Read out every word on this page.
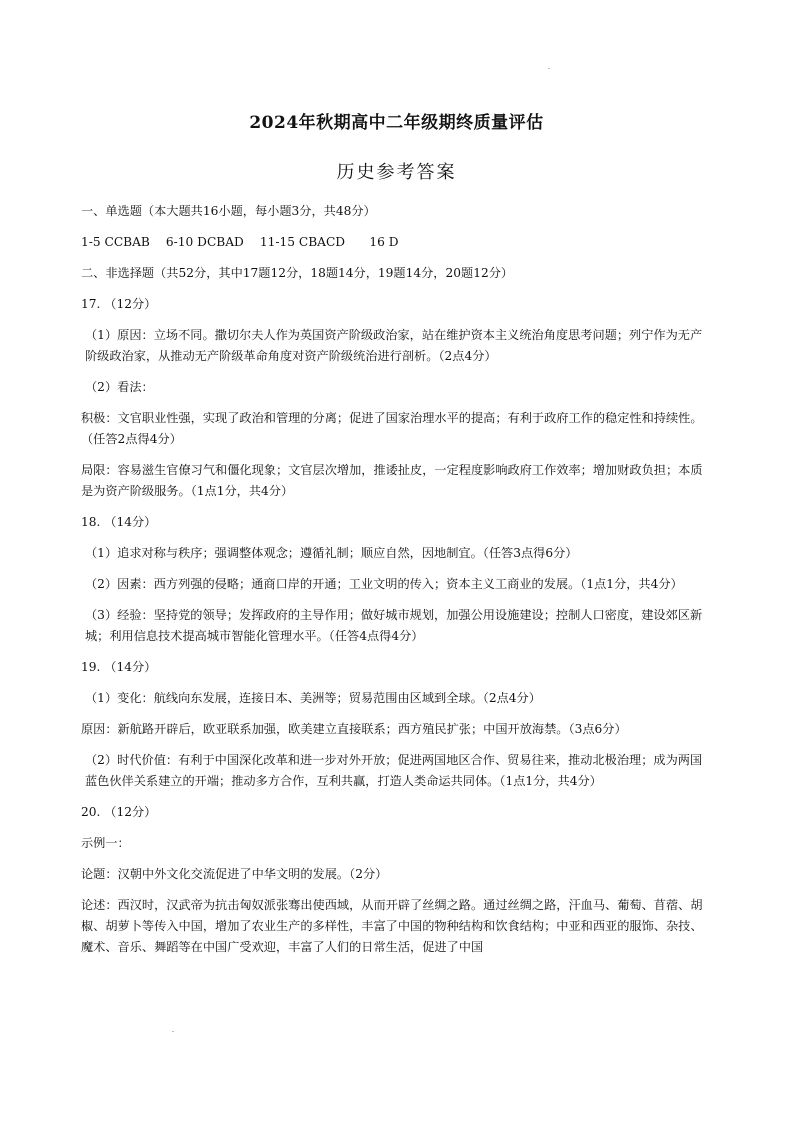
2024年秋期高中二年级期终质量评估
历史参考答案

一、单选题（本大题共16小题，每小题3分，共48分）

1-5 CCBAB　 6-10 DCBAD　 11-15 CBACD　　16 D

二、非选择题（共52分，其中17题12分，18题14分，19题14分，20题12分）

17. （12分）

（1）原因：立场不同。撒切尔夫人作为英国资产阶级政治家，站在维护资本主义统治角度思考问题；列宁作为无产阶级政治家，从推动无产阶级革命角度对资产阶级统治进行剖析。（2点4分）

（2）看法：

积极：文官职业性强，实现了政治和管理的分离；促进了国家治理水平的提高；有利于政府工作的稳定性和持续性。（任答2点得4分）

局限：容易滋生官僚习气和僵化现象；文官层次增加，推诿扯皮，一定程度影响政府工作效率；增加财政负担；本质是为资产阶级服务。（1点1分，共4分）

18. （14分）

（1）追求对称与秩序；强调整体观念；遵循礼制；顺应自然，因地制宜。（任答3点得6分）

（2）因素：西方列强的侵略；通商口岸的开通；工业文明的传入；资本主义工商业的发展。（1点1分，共4分）

（3）经验：坚持党的领导；发挥政府的主导作用；做好城市规划，加强公用设施建设；控制人口密度，建设郊区新城；利用信息技术提高城市智能化管理水平。（任答4点得4分）

19. （14分）

（1）变化：航线向东发展，连接日本、美洲等；贸易范围由区域到全球。（2点4分）

原因：新航路开辟后，欧亚联系加强，欧美建立直接联系；西方殖民扩张；中国开放海禁。（3点6分）

（2）时代价值：有利于中国深化改革和进一步对外开放；促进两国地区合作、贸易往来，推动北极治理；成为两国蓝色伙伴关系建立的开端；推动多方合作，互利共赢，打造人类命运共同体。（1点1分，共4分）

20. （12分）

示例一：

论题：汉朝中外文化交流促进了中华文明的发展。（2分）

论述：西汉时，汉武帝为抗击匈奴派张骞出使西域，从而开辟了丝绸之路。通过丝绸之路，汗血马、葡萄、苜蓿、胡椒、胡萝卜等传入中国，增加了农业生产的多样性，丰富了中国的物种结构和饮食结构；中亚和西亚的服饰、杂技、魔术、音乐、舞蹈等在中国广受欢迎，丰富了人们的日常生活，促进了中国
